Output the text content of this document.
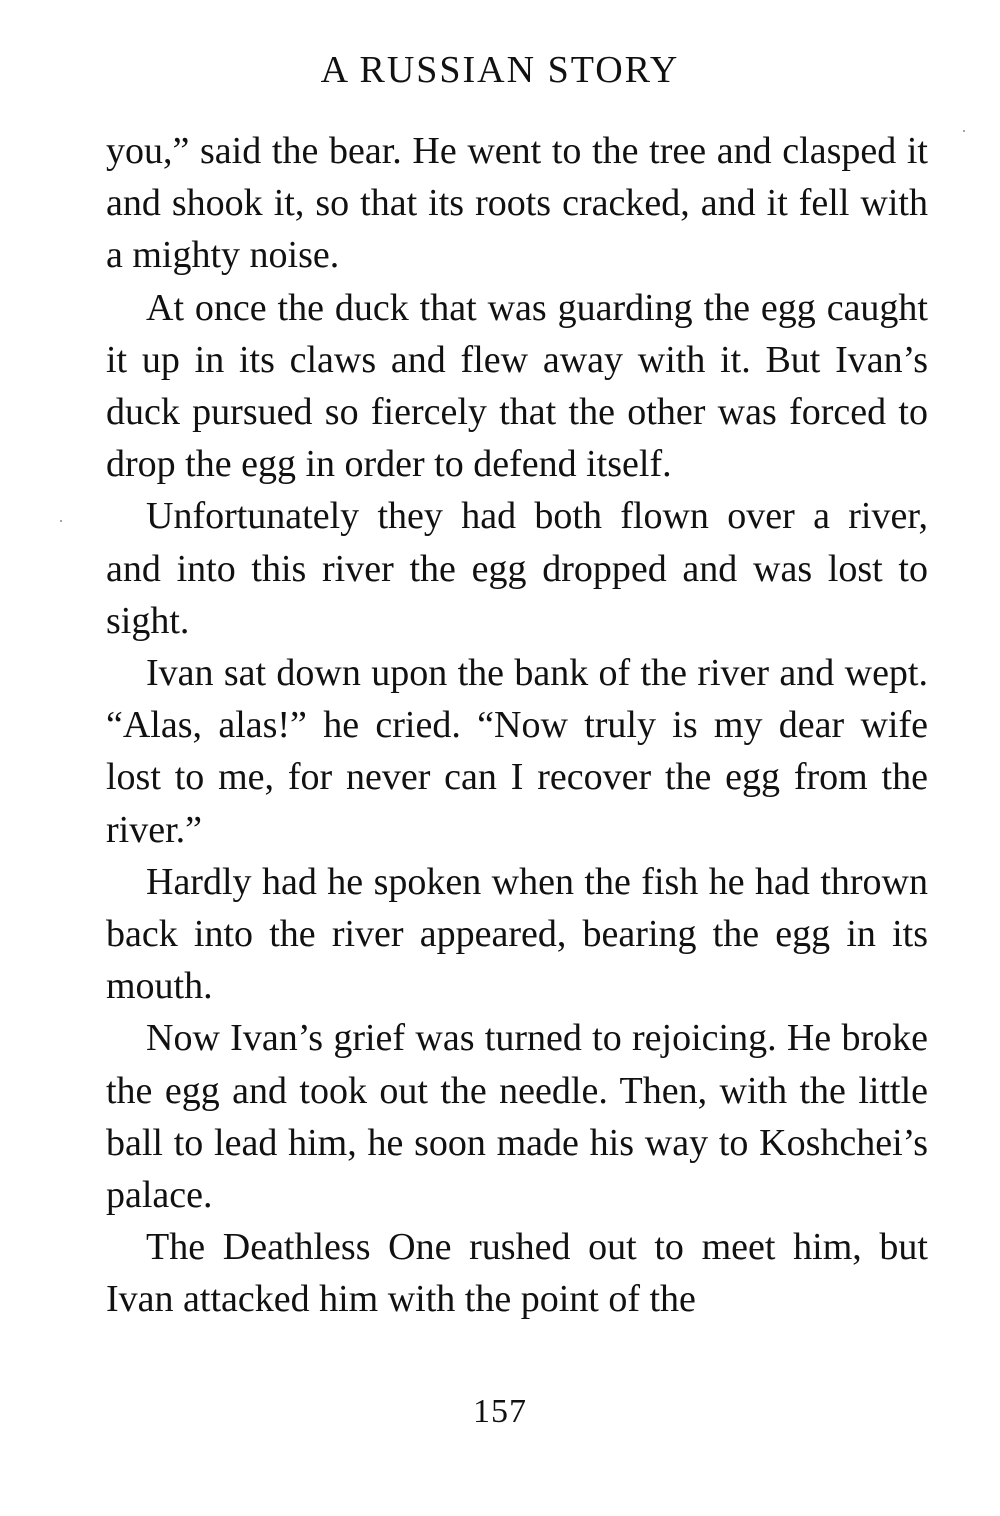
A RUSSIAN STORY

you,” said the bear. He went to the tree and clasped it and shook it, so that its roots cracked, and it fell with a mighty noise.

At once the duck that was guarding the egg caught it up in its claws and flew away with it. But Ivan’s duck pursued so fiercely that the other was forced to drop the egg in order to defend itself.

Unfortunately they had both flown over a river, and into this river the egg dropped and was lost to sight.

Ivan sat down upon the bank of the river and wept. “Alas, alas!” he cried. “Now truly is my dear wife lost to me, for never can I recover the egg from the river.”

Hardly had he spoken when the fish he had thrown back into the river appeared, bearing the egg in its mouth.

Now Ivan’s grief was turned to rejoicing. He broke the egg and took out the needle. Then, with the little ball to lead him, he soon made his way to Koshchei’s palace.

The Deathless One rushed out to meet him, but Ivan attacked him with the point of the

157
